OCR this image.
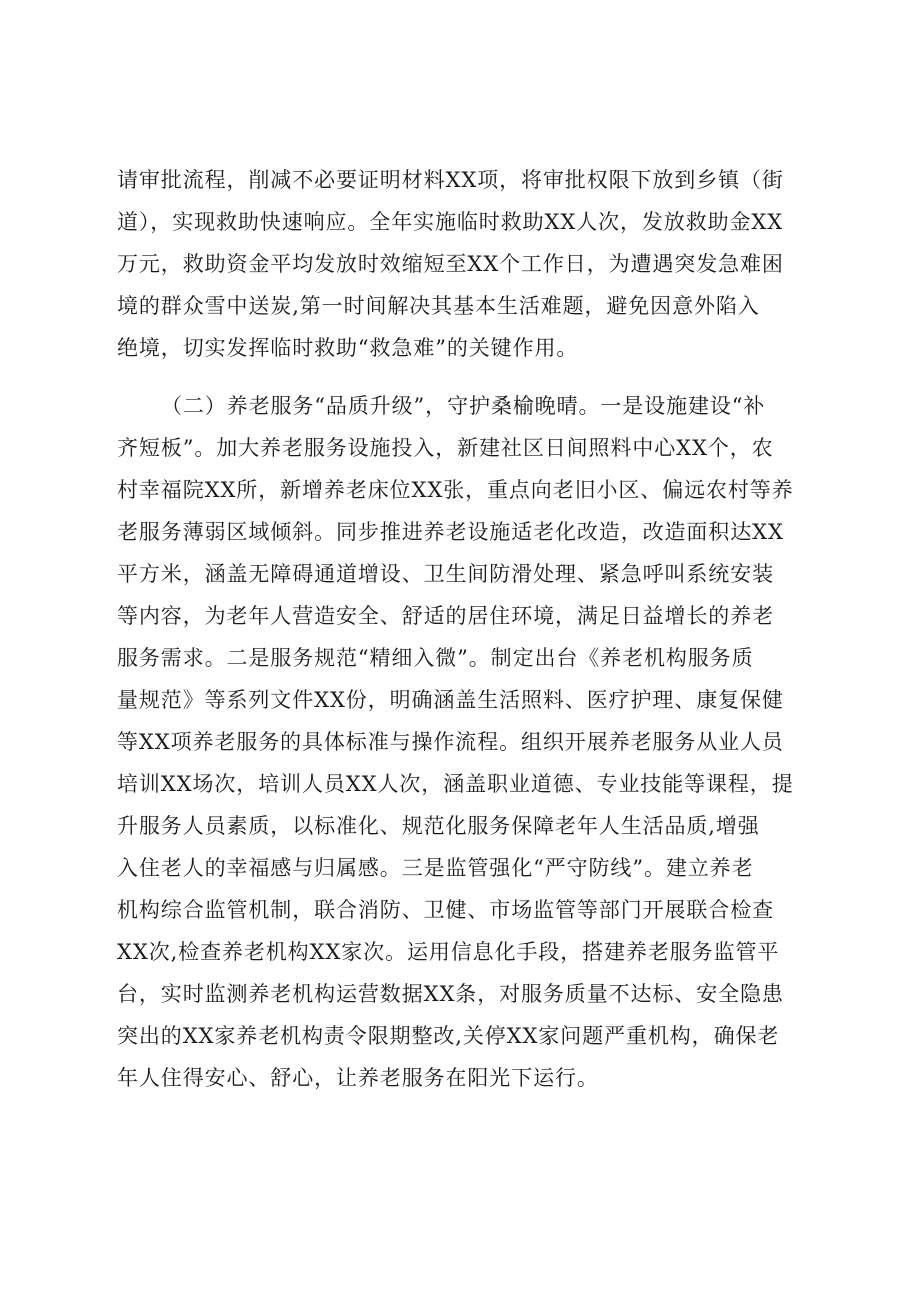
请审批流程，削减不必要证明材料XX项，将审批权限下放到乡镇（街
道），实现救助快速响应。全年实施临时救助XX人次，发放救助金XX
万元，救助资金平均发放时效缩短至XX个工作日，为遭遇突发急难困
境的群众雪中送炭,第一时间解决其基本生活难题，避免因意外陷入
绝境，切实发挥临时救助“救急难”的关键作用。
（二）养老服务“品质升级”，守护桑榆晚晴。一是设施建设“补
齐短板”。加大养老服务设施投入，新建社区日间照料中心XX个，农
村幸福院XX所，新增养老床位XX张，重点向老旧小区、偏远农村等养
老服务薄弱区域倾斜。同步推进养老设施适老化改造，改造面积达XX
平方米，涵盖无障碍通道增设、卫生间防滑处理、紧急呼叫系统安装
等内容，为老年人营造安全、舒适的居住环境，满足日益增长的养老
服务需求。二是服务规范“精细入微”。制定出台《养老机构服务质
量规范》等系列文件XX份，明确涵盖生活照料、医疗护理、康复保健
等XX项养老服务的具体标准与操作流程。组织开展养老服务从业人员
培训XX场次，培训人员XX人次，涵盖职业道德、专业技能等课程，提
升服务人员素质，以标准化、规范化服务保障老年人生活品质,增强
入住老人的幸福感与归属感。三是监管强化“严守防线”。建立养老
机构综合监管机制，联合消防、卫健、市场监管等部门开展联合检查
XX次,检查养老机构XX家次。运用信息化手段，搭建养老服务监管平
台，实时监测养老机构运营数据XX条，对服务质量不达标、安全隐患
突出的XX家养老机构责令限期整改,关停XX家问题严重机构，确保老
年人住得安心、舒心，让养老服务在阳光下运行。
